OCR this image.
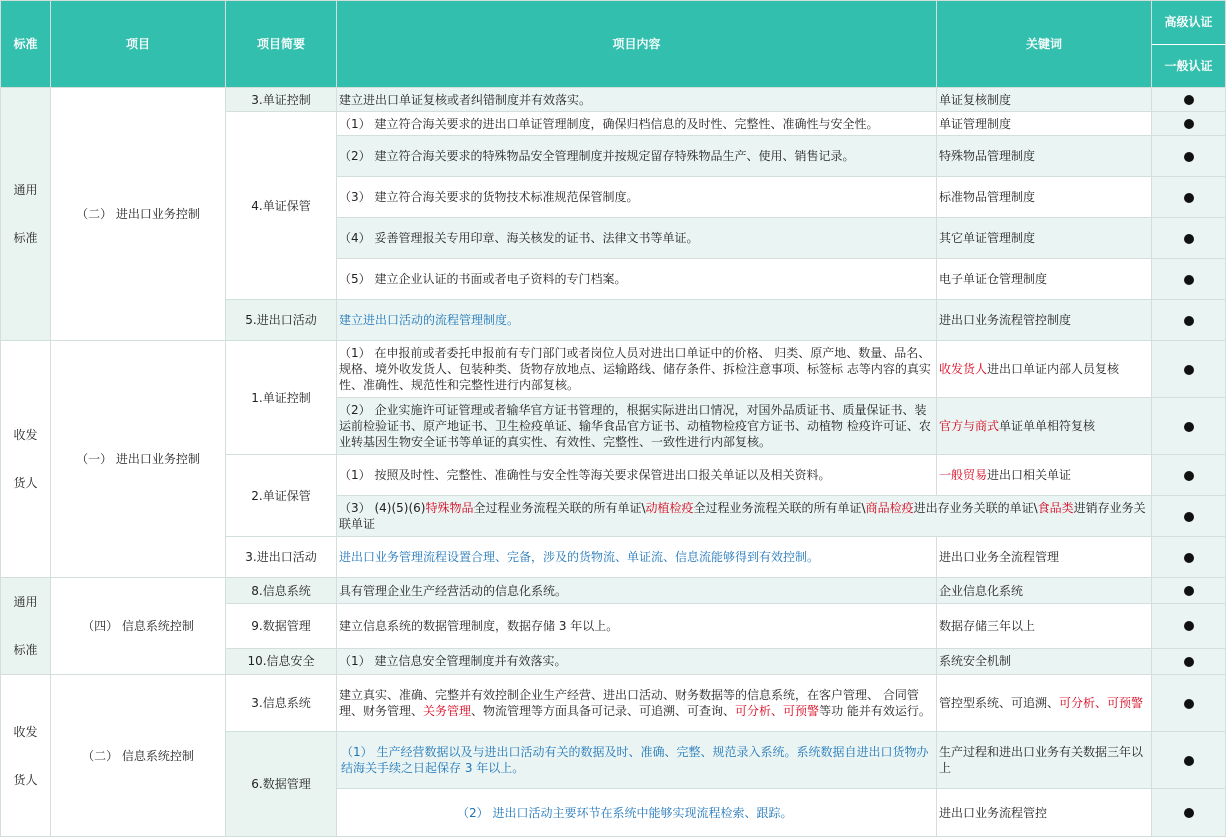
标准	项目	项目简要	项目内容	关键词	高级认证
一般认证

通用
标准	（二） 进出口业务控制	3.单证控制	建立进出口单证复核或者纠错制度并有效落实。	单证复核制度	
		4.单证保管	（1） 建立符合海关要求的进出口单证管理制度，确保归档信息的及时性、完整性、准确性与安全性。	单证管理制度	
			（2） 建立符合海关要求的特殊物品安全管理制度并按规定留存特殊物品生产、使用、销售记录。	特殊物品管理制度	
			（3） 建立符合海关要求的货物技术标准规范保管制度。	标准物品管理制度	
			（4） 妥善管理报关专用印章、海关核发的证书、法律文书等单证。	其它单证管理制度	
			（5） 建立企业认证的书面或者电子资料的专门档案。	电子单证仓管理制度	
		5.进出口活动	建立进出口活动的流程管理制度。	进出口业务流程管控制度	

收发
货人	（一） 进出口业务控制	1.单证控制	（1） 在申报前或者委托申报前有专门部门或者岗位人员对进出口单证中的价格、 归类、原产地、数量、品名、规格、境外收发货人、包装种类、货物存放地点、运输路线、储存条件、拆检注意事项、标签标 志等内容的真实性、准确性、规范性和完整性进行内部复核。	收发货人进出口单证内部人员复核	
			（2） 企业实施许可证管理或者输华官方证书管理的，根据实际进出口情况，对国外品质证书、质量保证书、装运前检验证书、原产地证书、卫生检疫单证、输华食品官方证书、动植物检疫官方证书、动植物 检疫许可证、农业转基因生物安全证书等单证的真实性、有效性、完整性、一致性进行内部复核。	官方与商式单证单单相符复核	
		2.单证保管	（1） 按照及时性、完整性、准确性与安全性等海关要求保管进出口报关单证以及相关资料。	一般贸易进出口相关单证	
			（3） (4)(5)(6)特殊物品全过程业务流程关联的所有单证\动植检疫全过程业务流程关联的所有单证\商品检疫进出存业务关联的单证\食品类进销存业务关联单证		
		3.进出口活动	进出口业务管理流程设置合理、完备，涉及的货物流、单证流、信息流能够得到有效控制。	进出口业务全流程管理	

通用
标准	（四） 信息系统控制	8.信息系统	具有管理企业生产经营活动的信息化系统。	企业信息化系统	
		9.数据管理	建立信息系统的数据管理制度，数据存储 3 年以上。	数据存储三年以上	
		10.信息安全	（1） 建立信息安全管理制度并有效落实。	系统安全机制	

收发
货人	（二） 信息系统控制	3.信息系统	建立真实、准确、完整并有效控制企业生产经营、进出口活动、财务数据等的信息系统，在客户管理、 合同管理、财务管理、关务管理、物流管理等方面具备可记录、可追溯、可查询、可分析、可预警等功 能并有效运行。	管控型系统、可追溯、可分析、可预警	
		6.数据管理	（1） 生产经营数据以及与进出口活动有关的数据及时、准确、完整、规范录入系统。系统数据自进出口货物办结海关手续之日起保存 3 年以上。	生产过程和进出口业务有关数据三年以上	
			（2） 进出口活动主要环节在系统中能够实现流程检索、跟踪。	进出口业务流程管控	
